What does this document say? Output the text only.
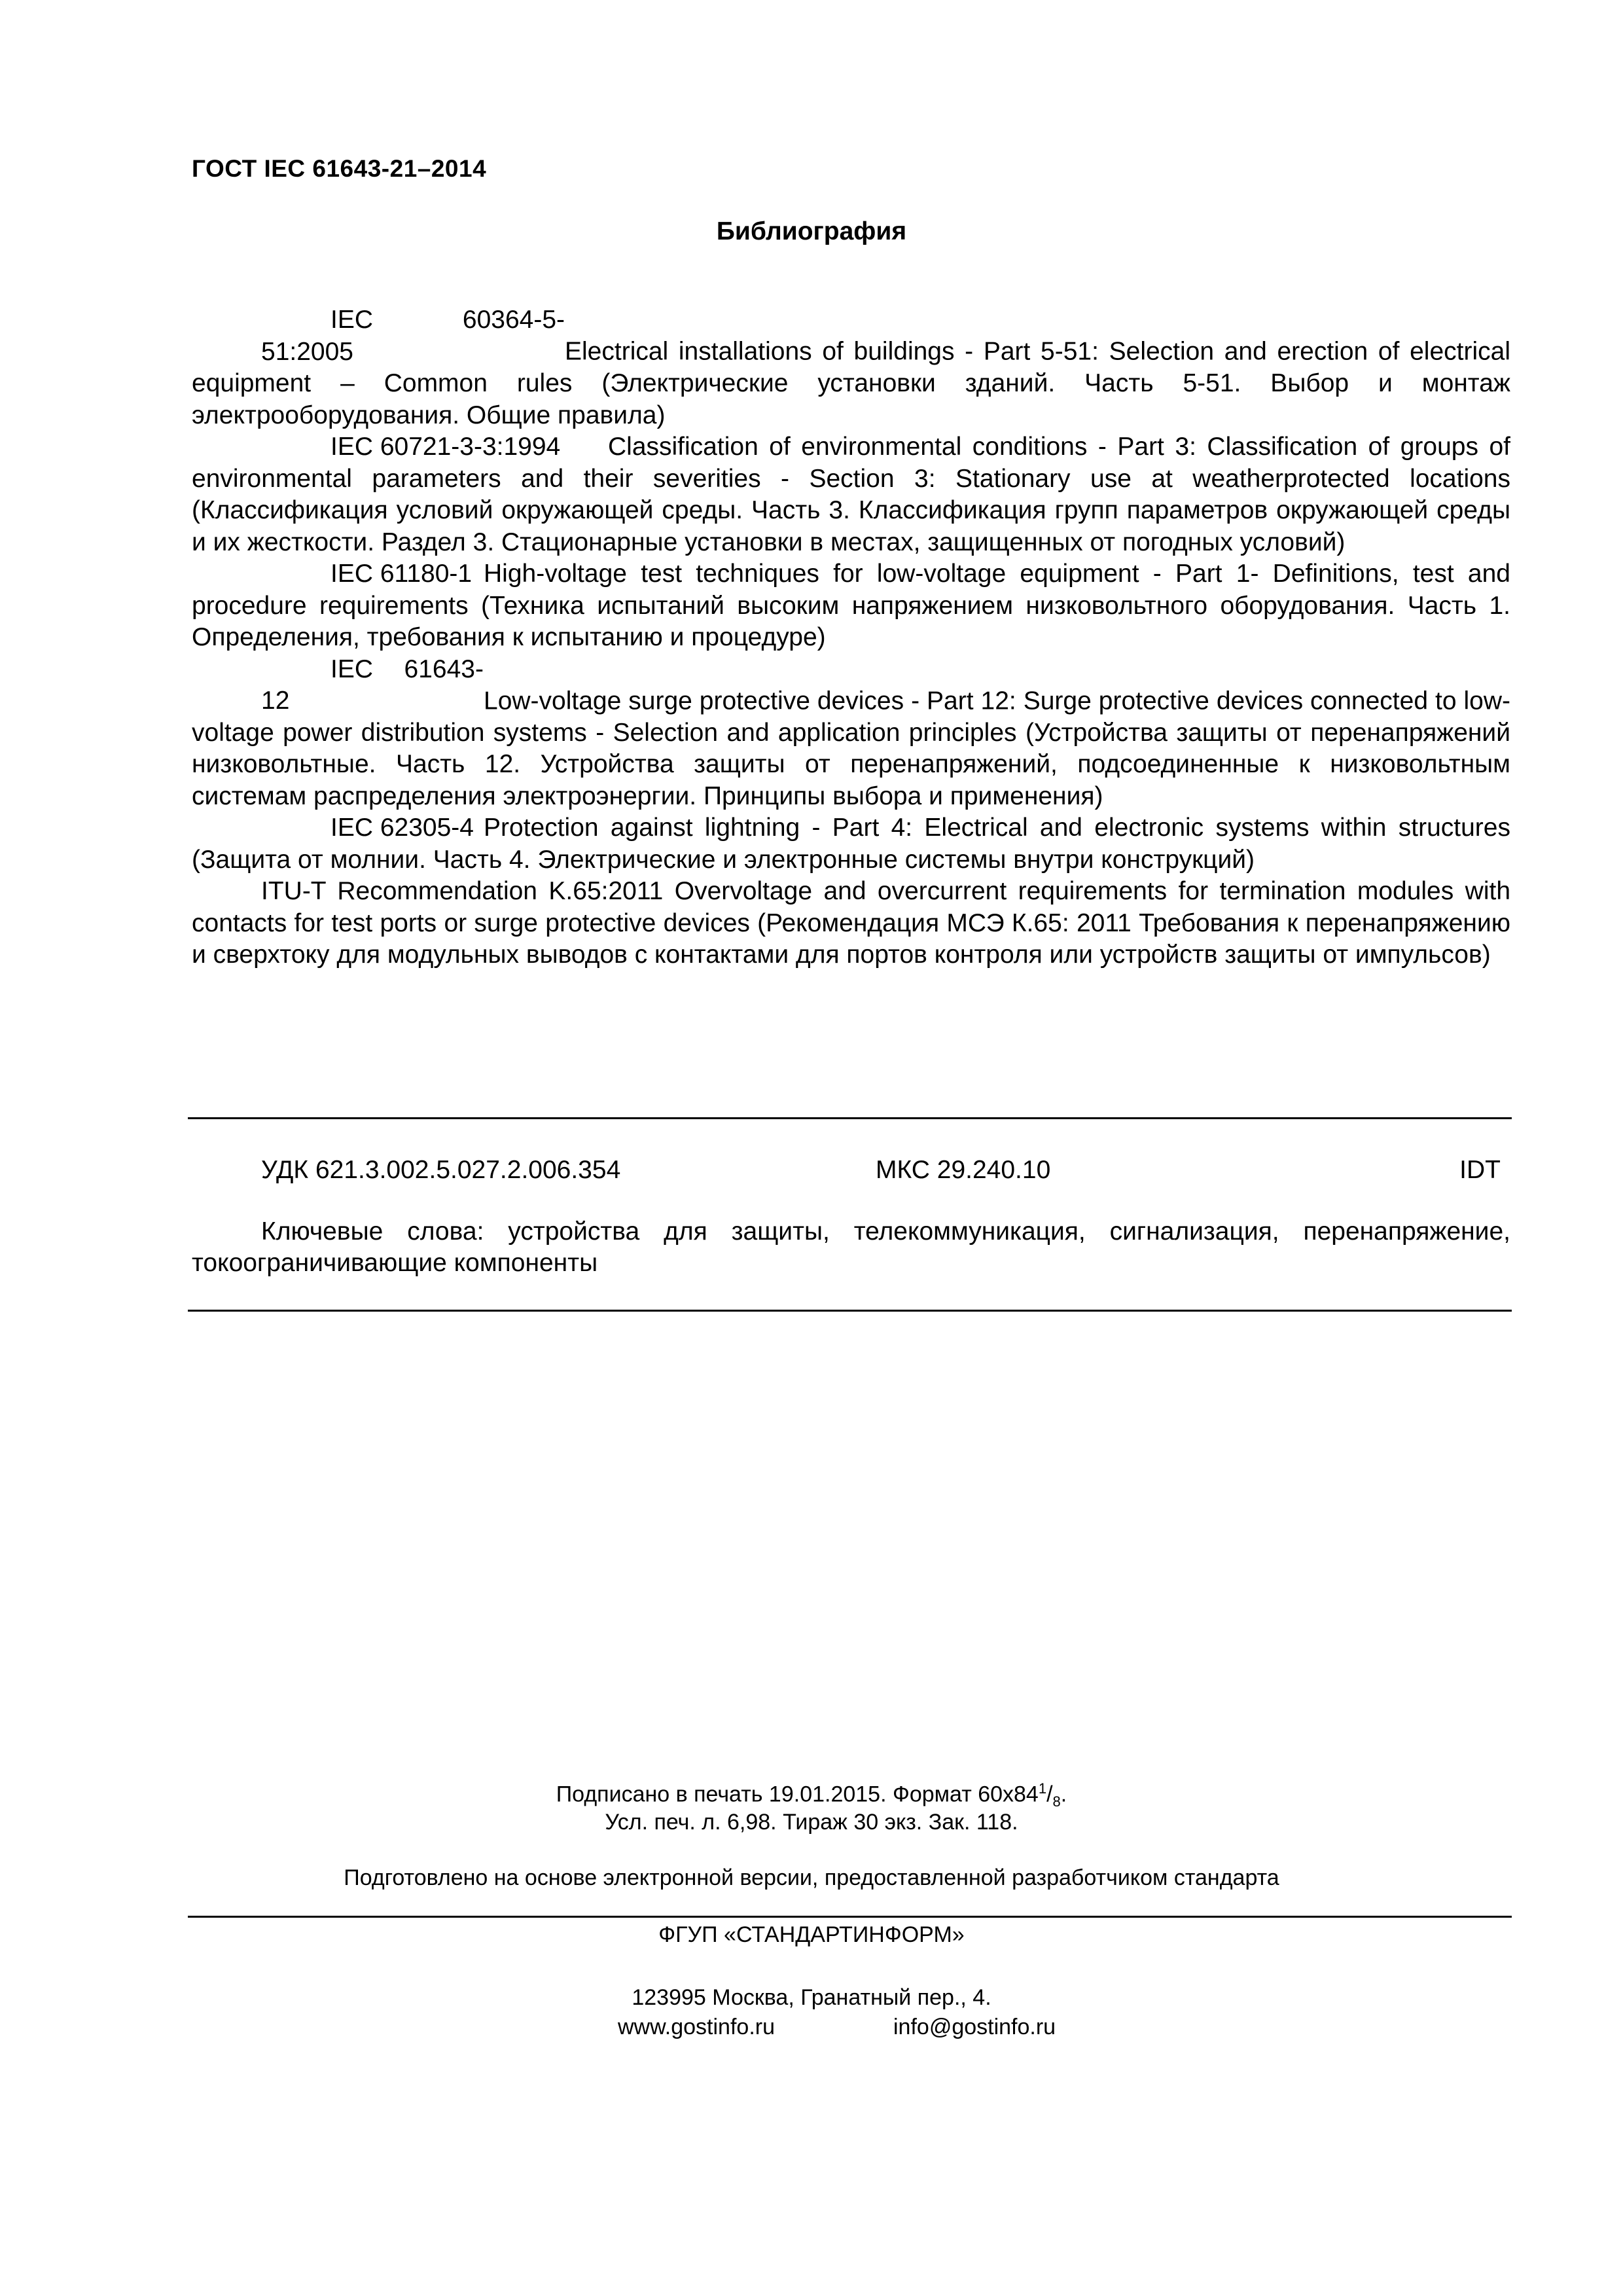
ГОСТ IEC 61643-21–2014
Библиография

IEC 60364-5-51:2005	Electrical installations of buildings - Part 5-51: Selection and erection of electrical equipment – Common rules (Электрические установки зданий. Часть 5-51. Выбор и монтаж электрооборудования. Общие правила)

IEC 60721-3-3:1994 Classification of environmental conditions - Part 3: Classification of groups of environmental parameters and their severities - Section 3: Stationary use at weatherprotected locations (Классификация условий окружающей среды. Часть 3. Классификация групп параметров окружающей среды и их жесткости. Раздел 3. Стационарные установки в местах, защищенных от погодных условий)

IEC 61180-1 High-voltage test techniques for low-voltage equipment - Part 1- Definitions, test and procedure requirements (Техника испытаний высоким напряжением низковольтного оборудования. Часть 1. Определения, требования к испытанию и процедуре)

IEC 61643-12	Low-voltage surge protective devices - Part 12: Surge protective devices connected to low-voltage power distribution systems - Selection and application principles (Устройства защиты от перенапряжений низковольтные. Часть 12. Устройства защиты от перенапряжений, подсоединенные к низковольтным системам распределения электроэнергии. Принципы выбора и применения)

IEC 62305-4 Protection against lightning - Part 4: Electrical and electronic systems within structures (Защита от молнии. Часть 4. Электрические и электронные системы внутри конструкций)

ITU-T Recommendation K.65:2011 Overvoltage and overcurrent requirements for termination modules with contacts for test ports or surge protective devices (Рекомендация МСЭ К.65: 2011 Требования к перенапряжению и сверхтоку для модульных выводов с контактами для портов контроля или устройств защиты от импульсов)

УДК 621.3.002.5.027.2.006.354	МКС 29.240.10	IDT
Ключевые слова: устройства для защиты, телекоммуникация, сигнализация, перенапряжение, токоограничивающие компоненты
Подписано в печать 19.01.2015. Формат $60x84^1/_8$.
Усл. печ. л. 6,98. Тираж 30 экз. Зак. 118.
Подготовлено на основе электронной версии, предоставленной разработчиком стандарта
ФГУП «СТАНДАРТИНФОРМ»
123995 Москва, Гранатный пер., 4.
www.gostinfo.ru	info@gostinfo.ru
